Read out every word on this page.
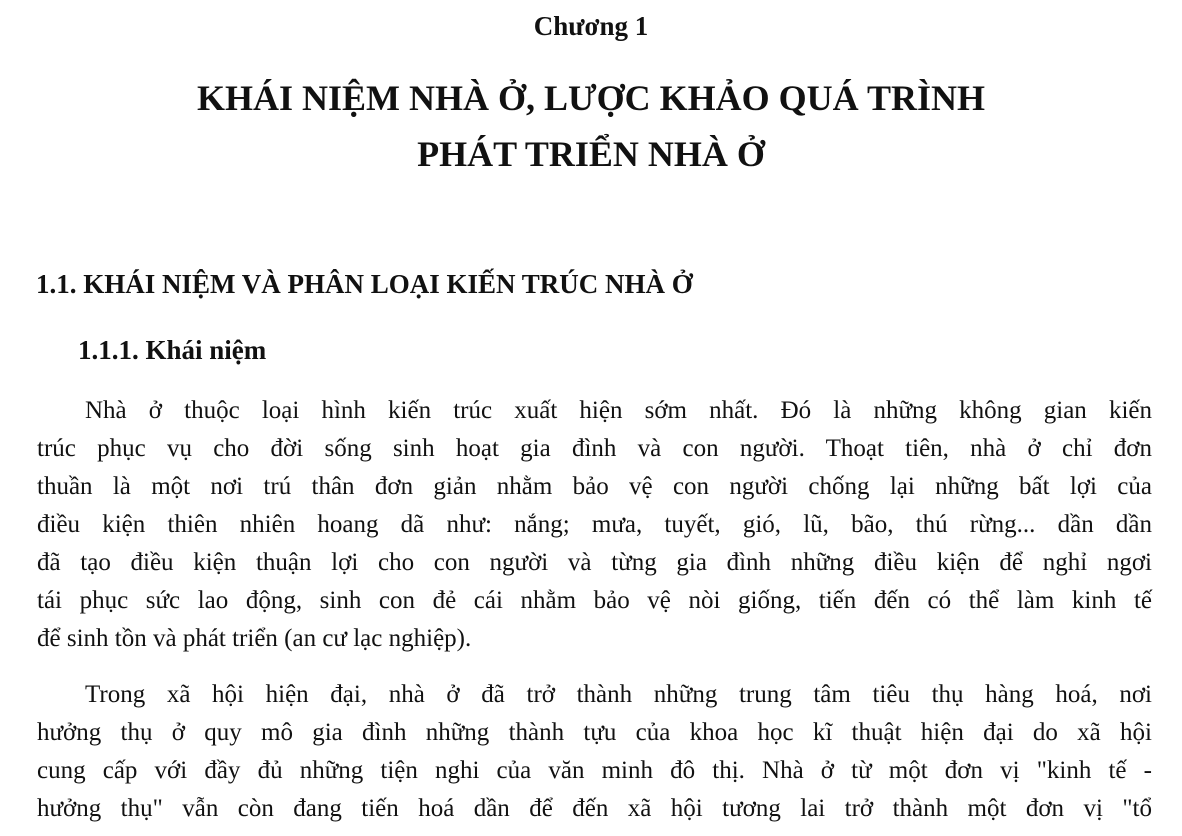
Chương 1
KHÁI NIỆM NHÀ Ở, LƯỢC KHẢO QUÁ TRÌNH
PHÁT TRIỂN NHÀ Ở
1.1. KHÁI NIỆM VÀ PHÂN LOẠI KIẾN TRÚC NHÀ Ở
1.1.1. Khái niệm
Nhà ở thuộc loại hình kiến trúc xuất hiện sớm nhất. Đó là những không gian kiến
trúc phục vụ cho đời sống sinh hoạt gia đình và con người. Thoạt tiên, nhà ở chỉ đơn
thuần là một nơi trú thân đơn giản nhằm bảo vệ con người chống lại những bất lợi của
điều kiện thiên nhiên hoang dã như: nắng; mưa, tuyết, gió, lũ, bão, thú rừng... dần dần
đã tạo điều kiện thuận lợi cho con người và từng gia đình những điều kiện để nghỉ ngơi
tái phục sức lao động, sinh con đẻ cái nhằm bảo vệ nòi giống, tiến đến có thể làm kinh tế
để sinh tồn và phát triển (an cư lạc nghiệp).
Trong xã hội hiện đại, nhà ở đã trở thành những trung tâm tiêu thụ hàng hoá, nơi
hưởng thụ ở quy mô gia đình những thành tựu của khoa học kĩ thuật hiện đại do xã hội
cung cấp với đầy đủ những tiện nghi của văn minh đô thị. Nhà ở từ một đơn vị "kinh tế -
hưởng thụ" vẫn còn đang tiến hoá dần để đến xã hội tương lai trở thành một đơn vị "tổ
